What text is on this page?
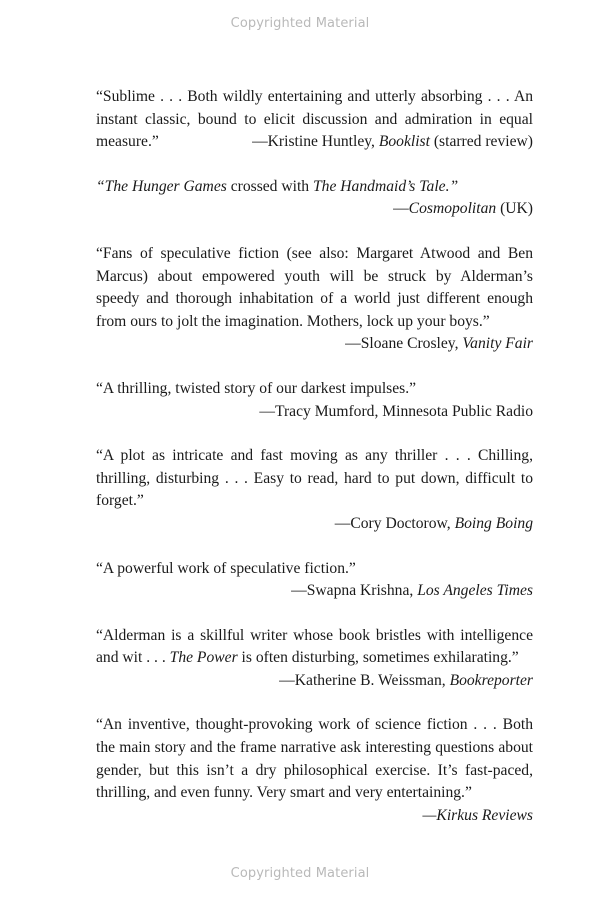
Copyrighted Material

“Sublime . . . Both wildly entertaining and utterly absorbing . . . An instant classic, bound to elicit discussion and admiration in equal measure.”	—Kristine Huntley, Booklist (starred review)

“The Hunger Games crossed with The Handmaid’s Tale.”

—Cosmopolitan (UK)

“Fans of speculative fiction (see also: Margaret Atwood and Ben Marcus) about empowered youth will be struck by Alderman’s speedy and thorough inhabitation of a world just different enough from ours to jolt the imagination. Mothers, lock up your boys.”

—Sloane Crosley, Vanity Fair

“A thrilling, twisted story of our darkest impulses.”

—Tracy Mumford, Minnesota Public Radio

“A plot as intricate and fast moving as any thriller . . . Chilling, thrilling, disturbing . . . Easy to read, hard to put down, difficult to forget.”

—Cory Doctorow, Boing Boing

“A powerful work of speculative fiction.”

—Swapna Krishna, Los Angeles Times

“Alderman is a skillful writer whose book bristles with intelligence and wit . . . The Power is often disturbing, sometimes exhilarating.”

—Katherine B. Weissman, Bookreporter

“An inventive, thought-provoking work of science fiction . . . Both the main story and the frame narrative ask interesting questions about gender, but this isn’t a dry philosophical exercise. It’s fast-paced, thrilling, and even funny. Very smart and very entertaining.”
—Kirkus Reviews

Copyrighted Material
